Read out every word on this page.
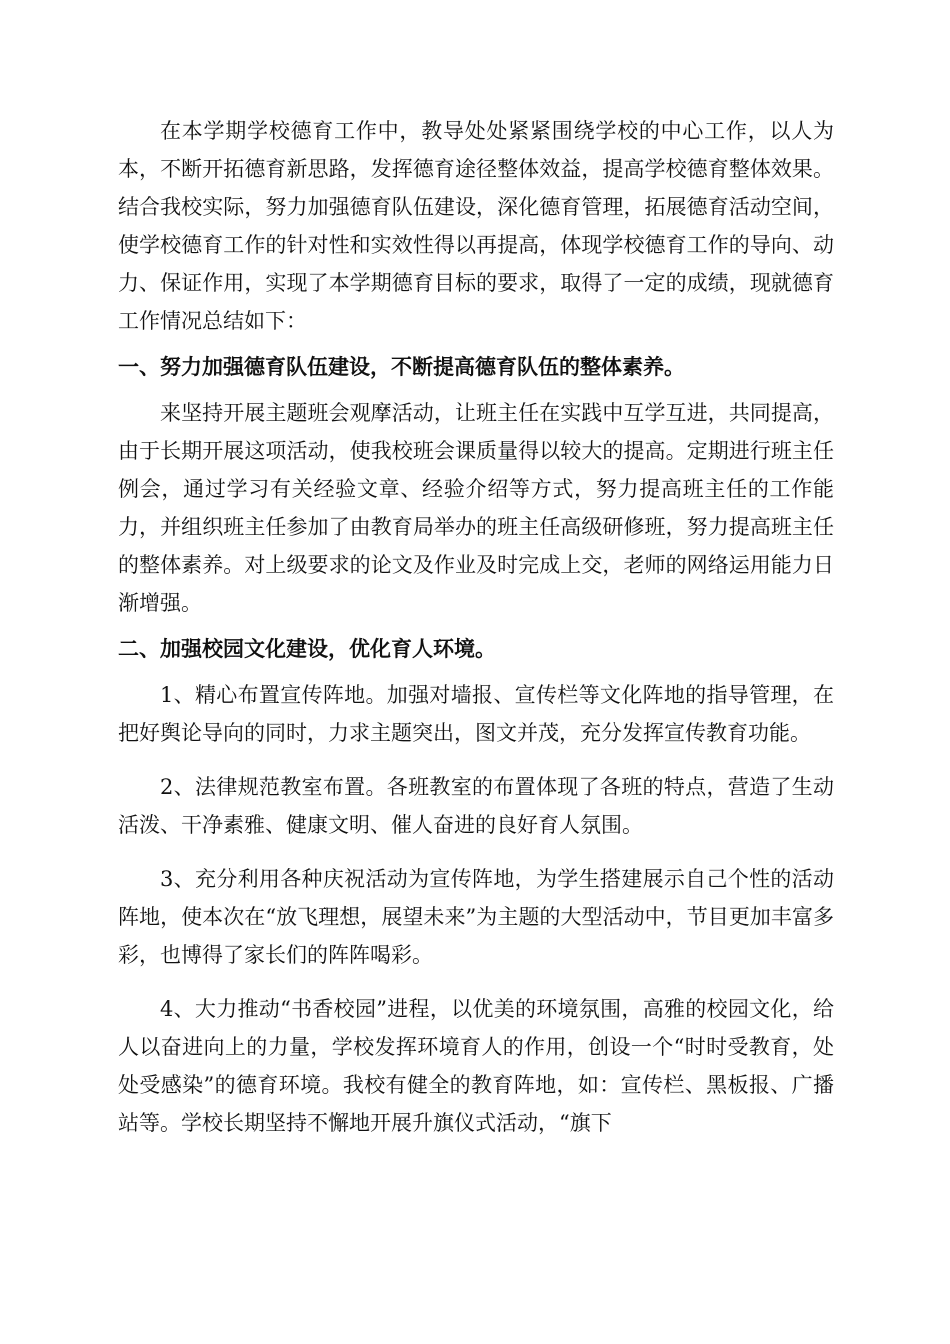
在本学期学校德育工作中，教导处处紧紧围绕学校的中心工作，以人为本，不断开拓德育新思路，发挥德育途径整体效益，提高学校德育整体效果。结合我校实际，努力加强德育队伍建设，深化德育管理，拓展德育活动空间，使学校德育工作的针对性和实效性得以再提高，体现学校德育工作的导向、动力、保证作用，实现了本学期德育目标的要求，取得了一定的成绩，现就德育工作情况总结如下：

一、努力加强德育队伍建设，不断提高德育队伍的整体素养。

来坚持开展主题班会观摩活动，让班主任在实践中互学互进，共同提高，由于长期开展这项活动，使我校班会课质量得以较大的提高。定期进行班主任例会，通过学习有关经验文章、经验介绍等方式，努力提高班主任的工作能力，并组织班主任参加了由教育局举办的班主任高级研修班，努力提高班主任的整体素养。对上级要求的论文及作业及时完成上交，老师的网络运用能力日渐增强。

二、加强校园文化建设，优化育人环境。

1、精心布置宣传阵地。加强对墙报、宣传栏等文化阵地的指导管理，在把好舆论导向的同时，力求主题突出，图文并茂，充分发挥宣传教育功能。

2、法律规范教室布置。各班教室的布置体现了各班的特点，营造了生动活泼、干净素雅、健康文明、催人奋进的良好育人氛围。

3、充分利用各种庆祝活动为宣传阵地，为学生搭建展示自己个性的活动阵地，使本次在“放飞理想，展望未来”为主题的大型活动中，节目更加丰富多彩，也博得了家长们的阵阵喝彩。

4、大力推动“书香校园”进程，以优美的环境氛围，高雅的校园文化，给人以奋进向上的力量，学校发挥环境育人的作用，创设一个“时时受教育，处处受感染”的德育环境。我校有健全的教育阵地，如：宣传栏、黑板报、广播站等。学校长期坚持不懈地开展升旗仪式活动，“旗下
